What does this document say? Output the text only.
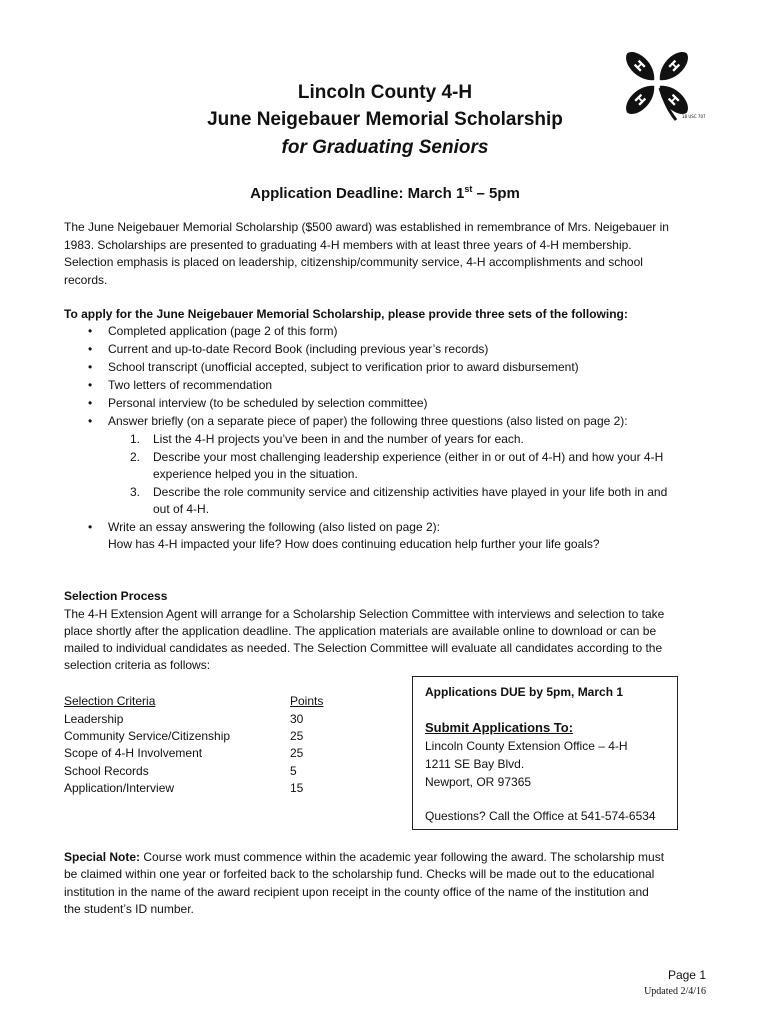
H H
H H
18 USC 707
Lincoln County 4-H
June Neigebauer Memorial Scholarship
for Graduating Seniors
Application Deadline: March 1st – 5pm
The June Neigebauer Memorial Scholarship ($500 award) was established in remembrance of Mrs. Neigebauer in
1983. Scholarships are presented to graduating 4-H members with at least three years of 4-H membership.
Selection emphasis is placed on leadership, citizenship/community service, 4-H accomplishments and school
records.
To apply for the June Neigebauer Memorial Scholarship, please provide three sets of the following:
• Completed application (page 2 of this form)
• Current and up-to-date Record Book (including previous year’s records)
• School transcript (unofficial accepted, subject to verification prior to award disbursement)
• Two letters of recommendation
• Personal interview (to be scheduled by selection committee)
• Answer briefly (on a separate piece of paper) the following three questions (also listed on page 2):
1. List the 4-H projects you’ve been in and the number of years for each.
2. Describe your most challenging leadership experience (either in or out of 4-H) and how your 4-H
experience helped you in the situation.
3. Describe the role community service and citizenship activities have played in your life both in and
out of 4-H.
• Write an essay answering the following (also listed on page 2):
How has 4-H impacted your life? How does continuing education help further your life goals?
Selection Process
The 4-H Extension Agent will arrange for a Scholarship Selection Committee with interviews and selection to take
place shortly after the application deadline. The application materials are available online to download or can be
mailed to individual candidates as needed. The Selection Committee will evaluate all candidates according to the
selection criteria as follows:
Selection Criteria	Points
Leadership	30
Community Service/Citizenship	25
Scope of 4-H Involvement	25
School Records	5
Application/Interview	15
Applications DUE by 5pm, March 1
Submit Applications To:
Lincoln County Extension Office – 4-H
1211 SE Bay Blvd.
Newport, OR 97365
Questions? Call the Office at 541-574-6534
Special Note: Course work must commence within the academic year following the award. The scholarship must
be claimed within one year or forfeited back to the scholarship fund. Checks will be made out to the educational
institution in the name of the award recipient upon receipt in the county office of the name of the institution and
the student’s ID number.
Page 1
Updated 2/4/16
